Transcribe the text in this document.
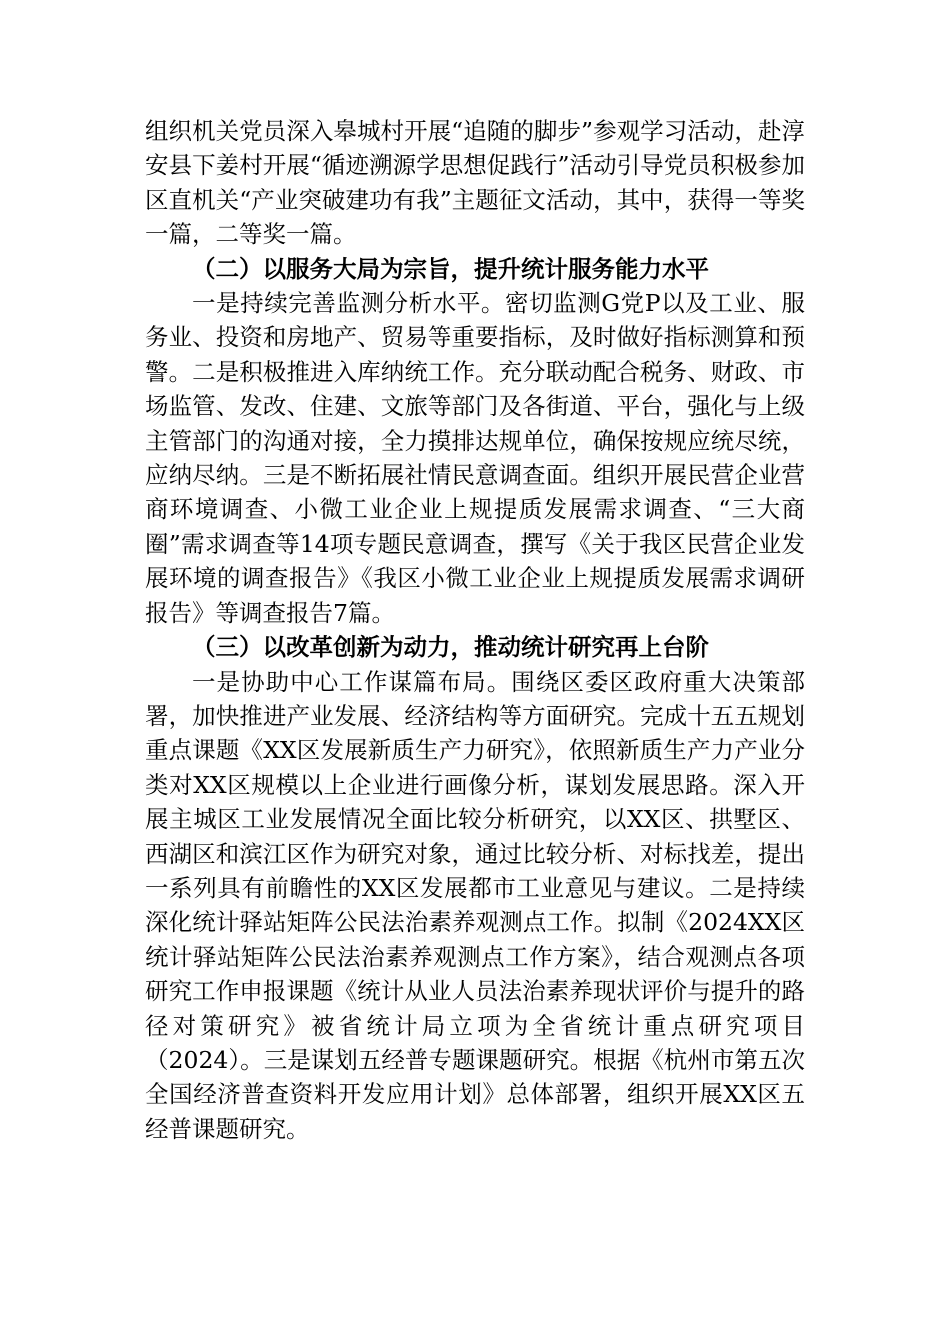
组织机关党员深入皋城村开展“追随的脚步”参观学习活动，赴淳安县下姜村开展“循迹溯源学思想促践行”活动引导党员积极参加区直机关“产业突破建功有我”主题征文活动，其中，获得一等奖一篇，二等奖一篇。

（二）以服务大局为宗旨，提升统计服务能力水平

一是持续完善监测分析水平。密切监测G党P以及工业、服务业、投资和房地产、贸易等重要指标，及时做好指标测算和预警。二是积极推进入库纳统工作。充分联动配合税务、财政、市场监管、发改、住建、文旅等部门及各街道、平台，强化与上级主管部门的沟通对接，全力摸排达规单位，确保按规应统尽统，应纳尽纳。三是不断拓展社情民意调查面。组织开展民营企业营商环境调查、小微工业企业上规提质发展需求调查、“三大商圈”需求调查等14项专题民意调查，撰写《关于我区民营企业发展环境的调查报告》《我区小微工业企业上规提质发展需求调研报告》等调查报告7篇。

（三）以改革创新为动力，推动统计研究再上台阶

一是协助中心工作谋篇布局。围绕区委区政府重大决策部署，加快推进产业发展、经济结构等方面研究。完成十五五规划重点课题《XX区发展新质生产力研究》，依照新质生产力产业分类对XX区规模以上企业进行画像分析，谋划发展思路。深入开展主城区工业发展情况全面比较分析研究，以XX区、拱墅区、西湖区和滨江区作为研究对象，通过比较分析、对标找差，提出一系列具有前瞻性的XX区发展都市工业意见与建议。二是持续深化统计驿站矩阵公民法治素养观测点工作。拟制《2024XX区统计驿站矩阵公民法治素养观测点工作方案》，结合观测点各项研究工作申报课题《统计从业人员法治素养现状评价与提升的路径对策研究》被省统计局立项为全省统计重点研究项目（2024）。三是谋划五经普专题课题研究。根据《杭州市第五次全国经济普查资料开发应用计划》总体部署，组织开展XX区五经普课题研究。
